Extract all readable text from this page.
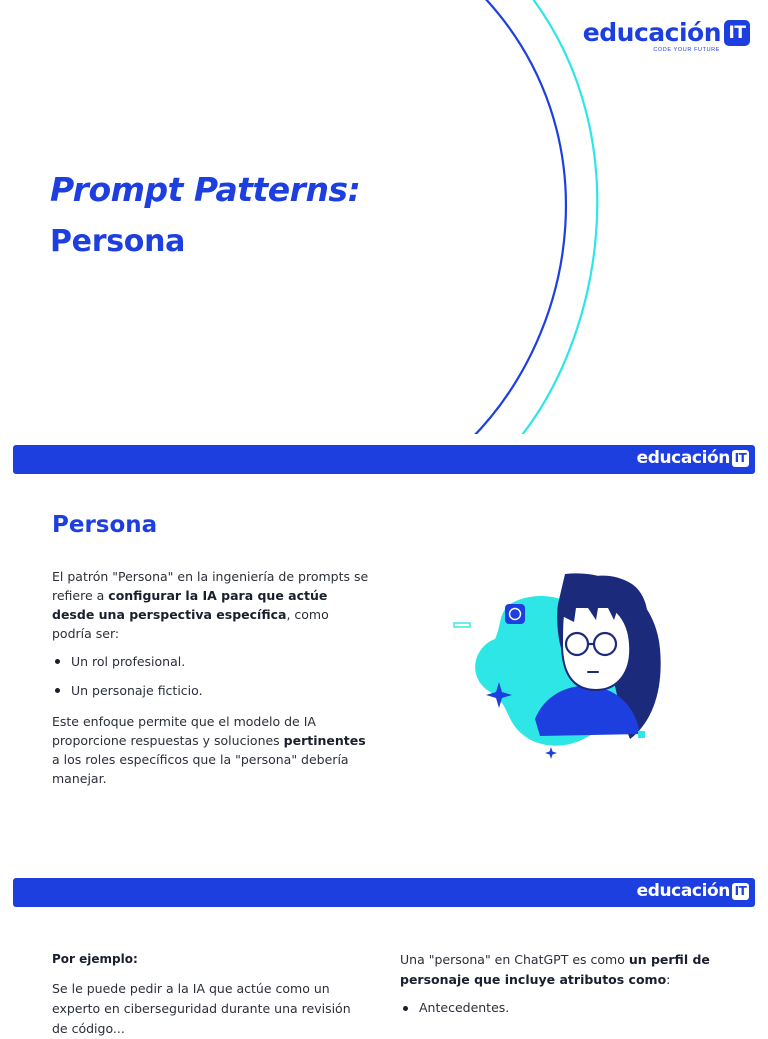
educación IT
CODE YOUR FUTURE
Prompt Patterns:
Persona
educación IT
Persona
El patrón "Persona" en la ingeniería de prompts se refiere a configurar la IA para que actúe desde una perspectiva específica, como podría ser:
Un rol profesional.
Un personaje ficticio.
Este enfoque permite que el modelo de IA proporcione respuestas y soluciones pertinentes a los roles específicos que la "persona" debería manejar.
educación IT
Por ejemplo:
Se le puede pedir a la IA que actúe como un experto en ciberseguridad durante una revisión de código...
Una "persona" en ChatGPT es como un perfil de personaje que incluye atributos como:
Antecedentes.
